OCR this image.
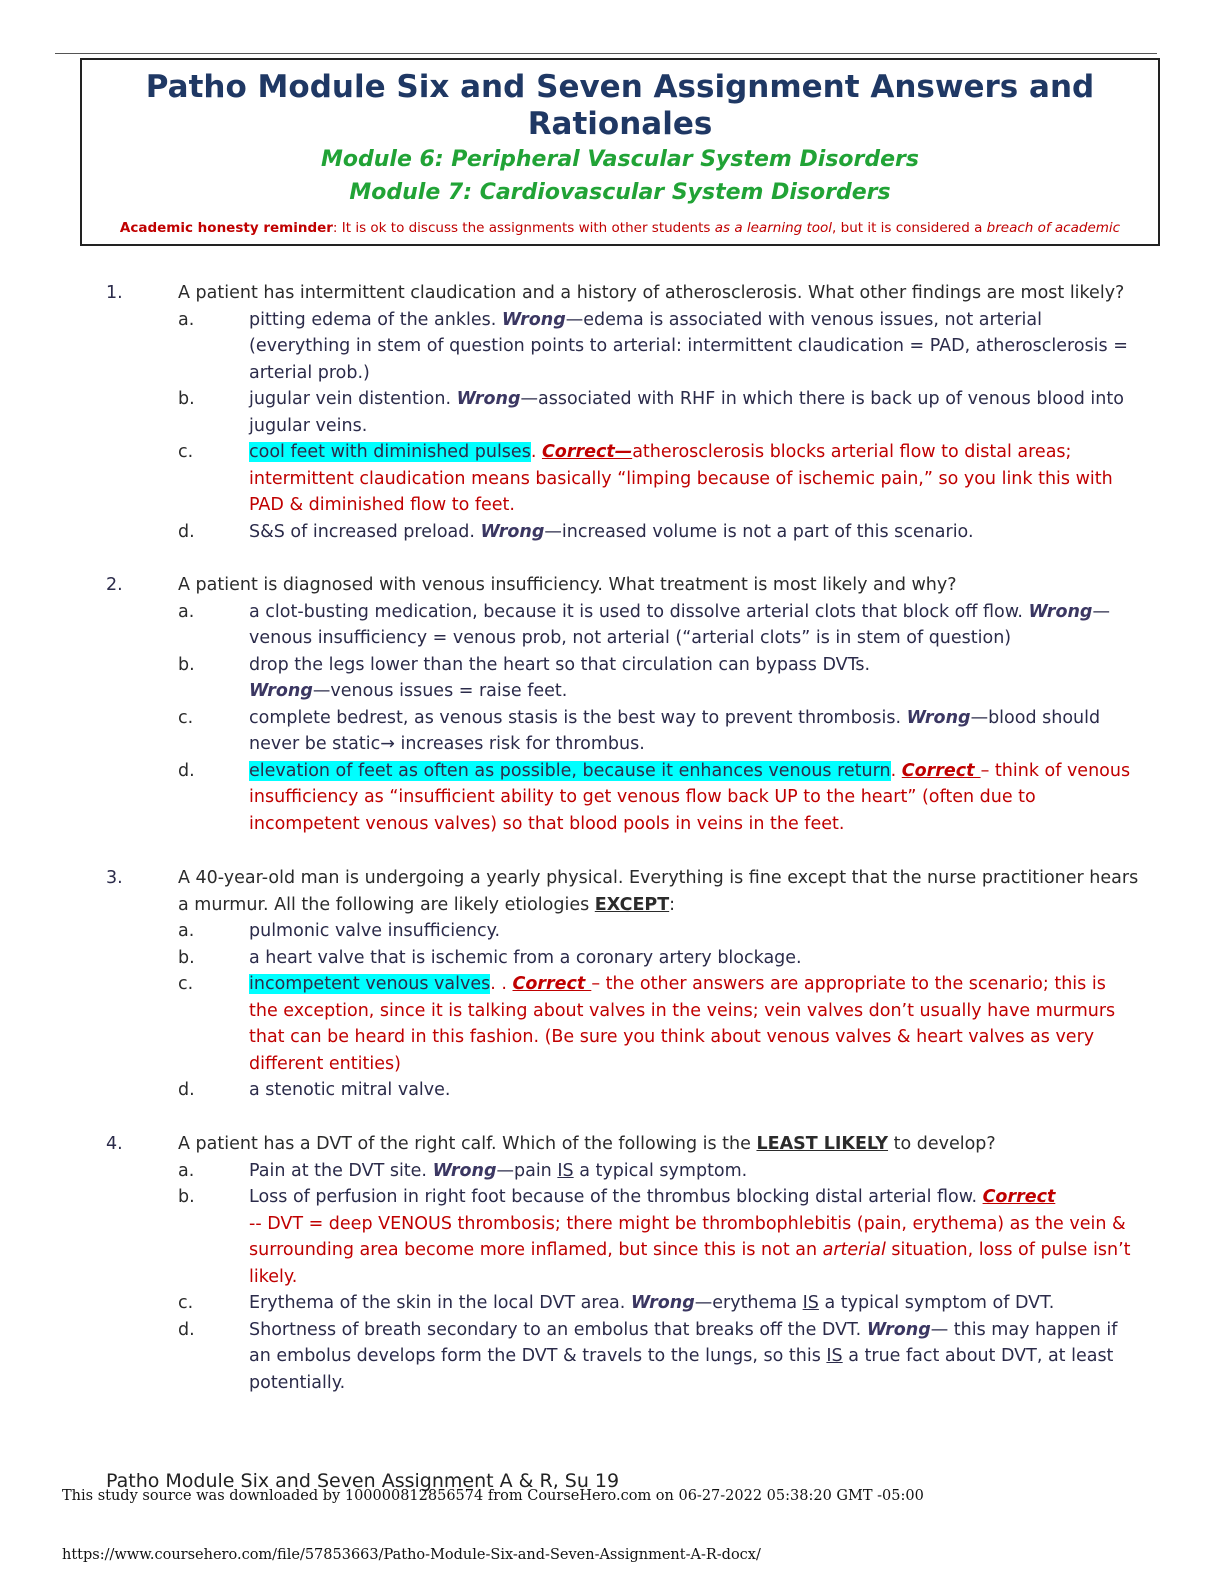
Patho Module Six and Seven Assignment Answers and Rationales
Module 6: Peripheral Vascular System Disorders
Module 7: Cardiovascular System Disorders
Academic honesty reminder: It is ok to discuss the assignments with other students as a learning tool, but it is considered a breach of academic
1.	A patient has intermittent claudication and a history of atherosclerosis. What other findings are most likely?
a.	pitting edema of the ankles. Wrong—edema is associated with venous issues, not arterial (everything in stem of question points to arterial: intermittent claudication = PAD, atherosclerosis = arterial prob.)
b.	jugular vein distention. Wrong—associated with RHF in which there is back up of venous blood into jugular veins.
c.	cool feet with diminished pulses. Correct—atherosclerosis blocks arterial flow to distal areas; intermittent claudication means basically “limping because of ischemic pain,” so you link this with PAD & diminished flow to feet.
d.	S&S of increased preload. Wrong—increased volume is not a part of this scenario.
2.	A patient is diagnosed with venous insufficiency. What treatment is most likely and why?
a.	a clot-busting medication, because it is used to dissolve arterial clots that block off flow. Wrong—venous insufficiency = venous prob, not arterial (“arterial clots” is in stem of question)
b.	drop the legs lower than the heart so that circulation can bypass DVTs.
Wrong—venous issues = raise feet.
c.	complete bedrest, as venous stasis is the best way to prevent thrombosis. Wrong—blood should never be static→ increases risk for thrombus.
d.	elevation of feet as often as possible, because it enhances venous return. Correct – think of venous insufficiency as “insufficient ability to get venous flow back UP to the heart” (often due to incompetent venous valves) so that blood pools in veins in the feet.
3.	A 40-year-old man is undergoing a yearly physical. Everything is fine except that the nurse practitioner hears a murmur. All the following are likely etiologies EXCEPT:
a.	pulmonic valve insufficiency.
b.	a heart valve that is ischemic from a coronary artery blockage.
c.	incompetent venous valves. . Correct – the other answers are appropriate to the scenario; this is the exception, since it is talking about valves in the veins; vein valves don’t usually have murmurs that can be heard in this fashion. (Be sure you think about venous valves & heart valves as very different entities)
d.	a stenotic mitral valve.
4.	A patient has a DVT of the right calf. Which of the following is the LEAST LIKELY to develop?
a.	Pain at the DVT site. Wrong—pain IS a typical symptom.
b.	Loss of perfusion in right foot because of the thrombus blocking distal arterial flow. Correct
-- DVT = deep VENOUS thrombosis; there might be thrombophlebitis (pain, erythema) as the vein & surrounding area become more inflamed, but since this is not an arterial situation, loss of pulse isn’t likely.
c.	Erythema of the skin in the local DVT area. Wrong—erythema IS a typical symptom of DVT.
d.	Shortness of breath secondary to an embolus that breaks off the DVT. Wrong— this may happen if an embolus develops form the DVT & travels to the lungs, so this IS a true fact about DVT, at least potentially.
Patho Module Six and Seven Assignment A & R, Su 19
This study source was downloaded by 100000812856574 from CourseHero.com on 06-27-2022 05:38:20 GMT -05:00
https://www.coursehero.com/file/57853663/Patho-Module-Six-and-Seven-Assignment-A-R-docx/
